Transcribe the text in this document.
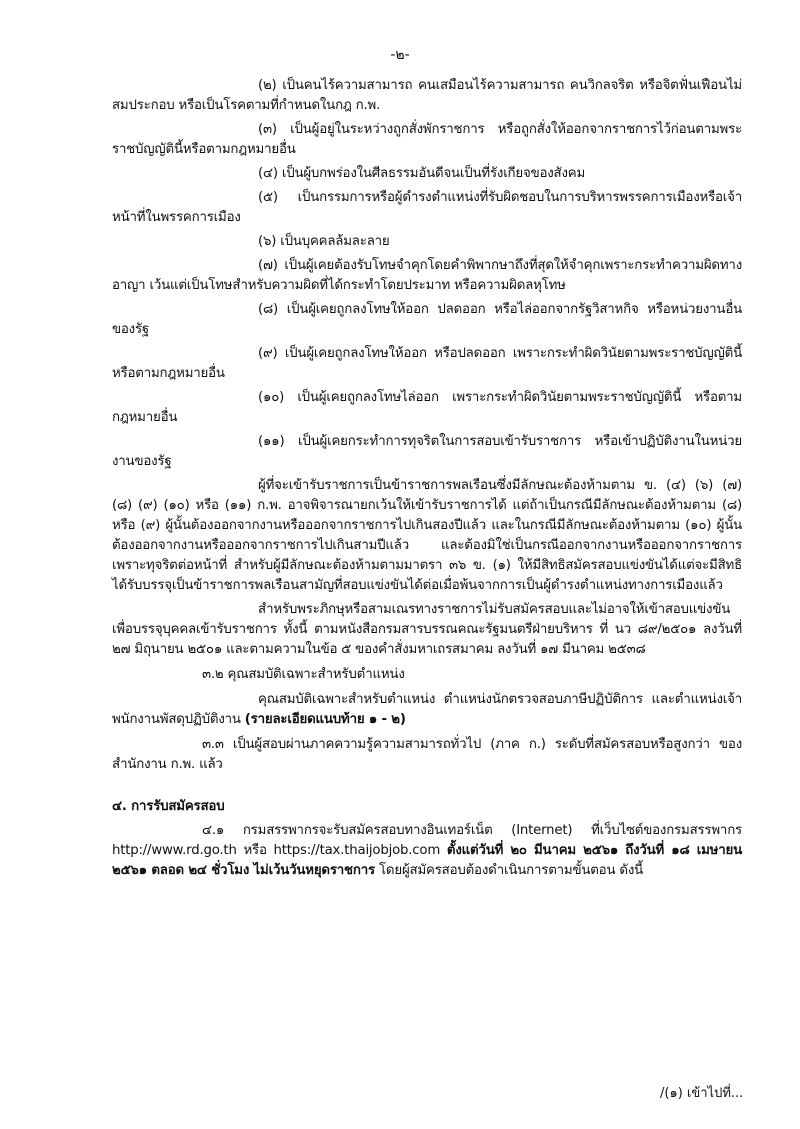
-๒-

(๒) เป็นคนไร้ความสามารถ คนเสมือนไร้ความสามารถ คนวิกลจริต หรือจิตฟั่นเฟือนไม่สมประกอบ หรือเป็นโรคตามที่กำหนดในกฎ ก.พ.

(๓) เป็นผู้อยู่ในระหว่างถูกสั่งพักราชการ หรือถูกสั่งให้ออกจากราชการไว้ก่อนตามพระราชบัญญัตินี้หรือตามกฎหมายอื่น

(๔) เป็นผู้บกพร่องในศีลธรรมอันดีจนเป็นที่รังเกียจของสังคม

(๕) เป็นกรรมการหรือผู้ดำรงตำแหน่งที่รับผิดชอบในการบริหารพรรคการเมืองหรือเจ้าหน้าที่ในพรรคการเมือง

(๖) เป็นบุคคลล้มละลาย

(๗) เป็นผู้เคยต้องรับโทษจำคุกโดยคำพิพากษาถึงที่สุดให้จำคุกเพราะกระทำความผิดทางอาญา เว้นแต่เป็นโทษสำหรับความผิดที่ได้กระทำโดยประมาท หรือความผิดลหุโทษ

(๘) เป็นผู้เคยถูกลงโทษให้ออก ปลดออก หรือไล่ออกจากรัฐวิสาหกิจ หรือหน่วยงานอื่นของรัฐ

(๙) เป็นผู้เคยถูกลงโทษให้ออก หรือปลดออก เพราะกระทำผิดวินัยตามพระราชบัญญัตินี้หรือตามกฎหมายอื่น

(๑๐) เป็นผู้เคยถูกลงโทษไล่ออก เพราะกระทำผิดวินัยตามพระราชบัญญัตินี้ หรือตามกฎหมายอื่น

(๑๑) เป็นผู้เคยกระทำการทุจริตในการสอบเข้ารับราชการ หรือเข้าปฏิบัติงานในหน่วยงานของรัฐ

ผู้ที่จะเข้ารับราชการเป็นข้าราชการพลเรือนซึ่งมีลักษณะต้องห้ามตาม ข. (๔) (๖) (๗) (๘) (๙) (๑๐) หรือ (๑๑) ก.พ. อาจพิจารณายกเว้นให้เข้ารับราชการได้ แต่ถ้าเป็นกรณีมีลักษณะต้องห้ามตาม (๘) หรือ (๙) ผู้นั้นต้องออกจากงานหรือออกจากราชการไปเกินสองปีแล้ว และในกรณีมีลักษณะต้องห้ามตาม (๑๐) ผู้นั้นต้องออกจากงานหรือออกจากราชการไปเกินสามปีแล้ว และต้องมิใช่เป็นกรณีออกจากงานหรือออกจากราชการเพราะทุจริตต่อหน้าที่ สำหรับผู้มีลักษณะต้องห้ามตามมาตรา ๓๖ ข. (๑) ให้มีสิทธิสมัครสอบแข่งขันได้แต่จะมีสิทธิได้รับบรรจุเป็นข้าราชการพลเรือนสามัญที่สอบแข่งขันได้ต่อเมื่อพ้นจากการเป็นผู้ดำรงตำแหน่งทางการเมืองแล้ว

สำหรับพระภิกษุหรือสามเณรทางราชการไม่รับสมัครสอบและไม่อาจให้เข้าสอบแข่งขันเพื่อบรรจุบุคคลเข้ารับราชการ ทั้งนี้ ตามหนังสือกรมสารบรรณคณะรัฐมนตรีฝ่ายบริหาร ที่ นว ๘๙/๒๕๐๑ ลงวันที่ ๒๗ มิถุนายน ๒๕๐๑ และตามความในข้อ ๕ ของคำสั่งมหาเถรสมาคม ลงวันที่ ๑๗ มีนาคม ๒๕๓๘

๓.๒ คุณสมบัติเฉพาะสำหรับตำแหน่ง

คุณสมบัติเฉพาะสำหรับตำแหน่ง ตำแหน่งนักตรวจสอบภาษีปฏิบัติการ และตำแหน่งเจ้าพนักงานพัสดุปฏิบัติงาน (รายละเอียดแนบท้าย ๑ - ๒)

๓.๓ เป็นผู้สอบผ่านภาคความรู้ความสามารถทั่วไป (ภาค ก.) ระดับที่สมัครสอบหรือสูงกว่า ของสำนักงาน ก.พ. แล้ว

๔. การรับสมัครสอบ

๔.๑ กรมสรรพากรจะรับสมัครสอบทางอินเทอร์เน็ต (Internet) ที่เว็บไซต์ของกรมสรรพากร http://www.rd.go.th หรือ https://tax.thaijobjob.com ตั้งแต่วันที่ ๒๐ มีนาคม ๒๕๖๑ ถึงวันที่ ๑๘ เมษายน ๒๕๖๑ ตลอด ๒๔ ชั่วโมง ไม่เว้นวันหยุดราชการ โดยผู้สมัครสอบต้องดำเนินการตามขั้นตอน ดังนี้

/(๑) เข้าไปที่...
